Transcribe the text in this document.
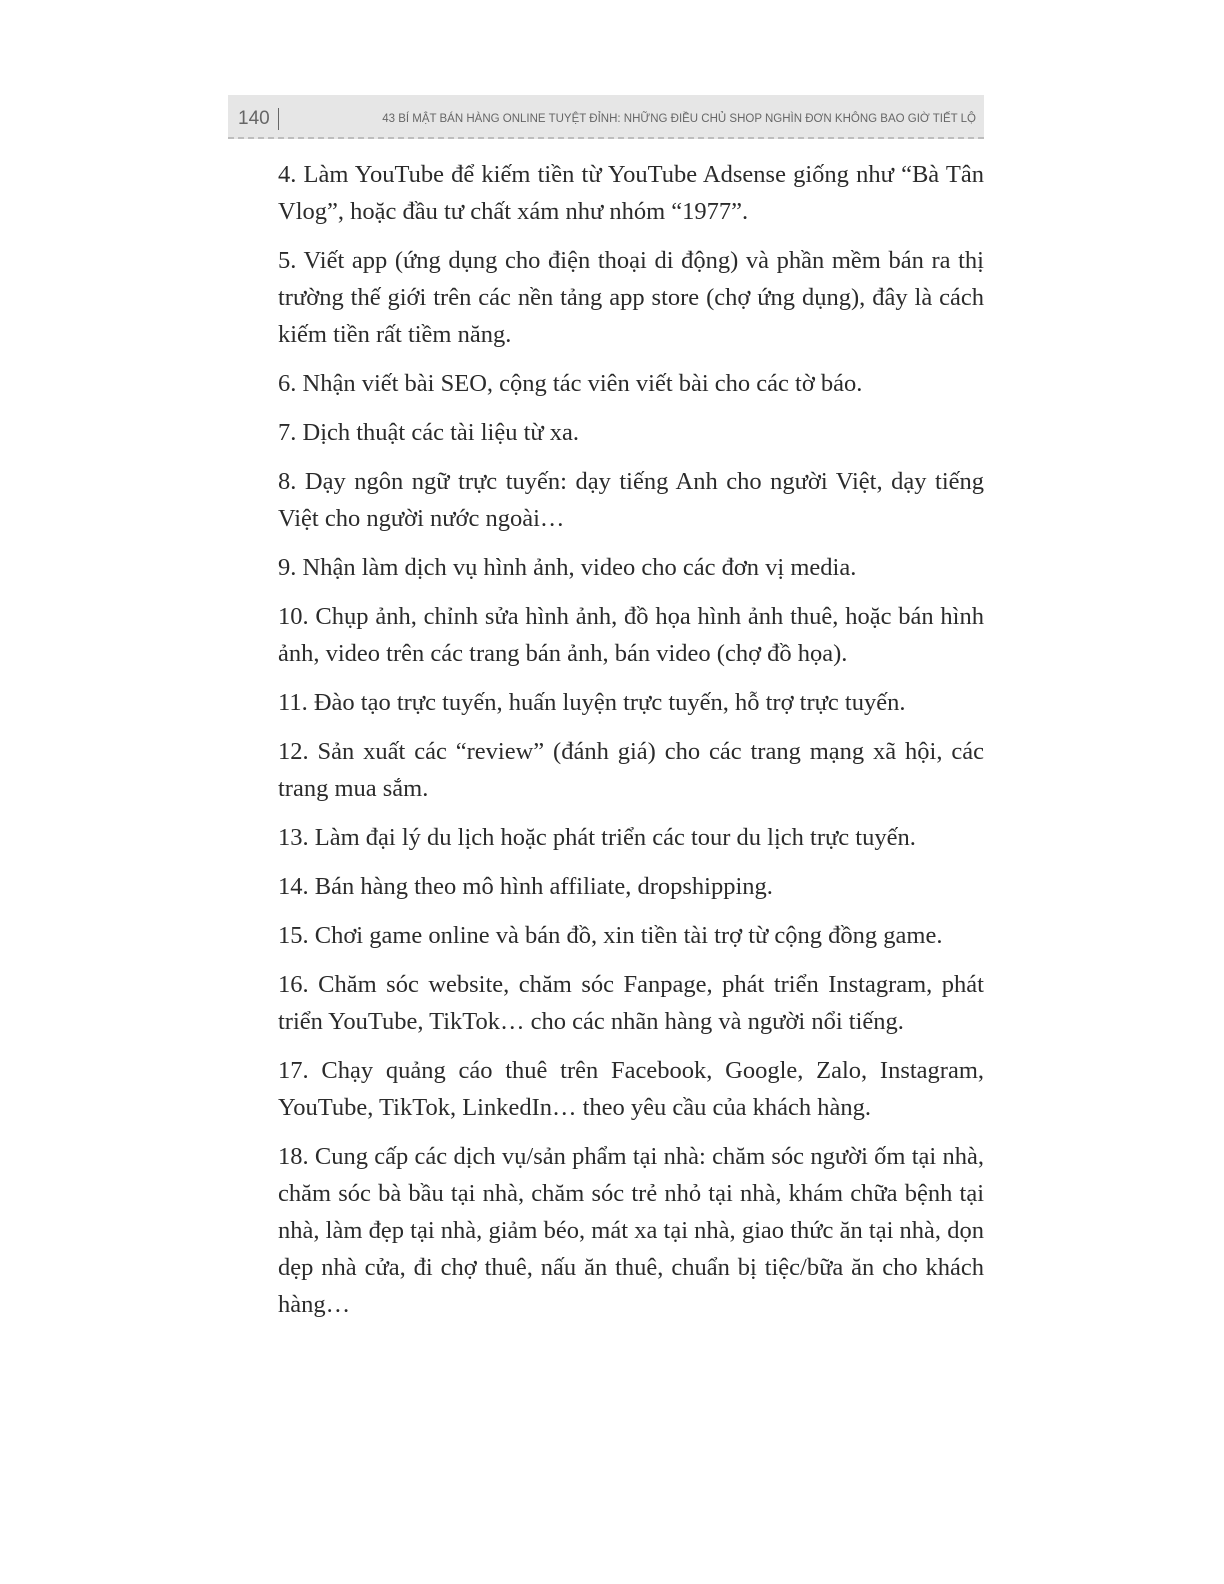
140	43 BÍ MẬT BÁN HÀNG ONLINE TUYỆT ĐỈNH: NHỮNG ĐIỀU CHỦ SHOP NGHÌN ĐƠN KHÔNG BAO GIỜ TIẾT LỘ

4. Làm YouTube để kiếm tiền từ YouTube Adsense giống như “Bà Tân Vlog”, hoặc đầu tư chất xám như nhóm “1977”.

5. Viết app (ứng dụng cho điện thoại di động) và phần mềm bán ra thị trường thế giới trên các nền tảng app store (chợ ứng dụng), đây là cách kiếm tiền rất tiềm năng.

6. Nhận viết bài SEO, cộng tác viên viết bài cho các tờ báo.

7. Dịch thuật các tài liệu từ xa.

8. Dạy ngôn ngữ trực tuyến: dạy tiếng Anh cho người Việt, dạy tiếng Việt cho người nước ngoài…

9. Nhận làm dịch vụ hình ảnh, video cho các đơn vị media.

10. Chụp ảnh, chỉnh sửa hình ảnh, đồ họa hình ảnh thuê, hoặc bán hình ảnh, video trên các trang bán ảnh, bán video (chợ đồ họa).

11. Đào tạo trực tuyến, huấn luyện trực tuyến, hỗ trợ trực tuyến.

12. Sản xuất các “review” (đánh giá) cho các trang mạng xã hội, các trang mua sắm.

13. Làm đại lý du lịch hoặc phát triển các tour du lịch trực tuyến.

14. Bán hàng theo mô hình affiliate, dropshipping.

15. Chơi game online và bán đồ, xin tiền tài trợ từ cộng đồng game.

16. Chăm sóc website, chăm sóc Fanpage, phát triển Instagram, phát triển YouTube, TikTok… cho các nhãn hàng và người nổi tiếng.

17. Chạy quảng cáo thuê trên Facebook, Google, Zalo, Instagram, YouTube, TikTok, LinkedIn… theo yêu cầu của khách hàng.

18. Cung cấp các dịch vụ/sản phẩm tại nhà: chăm sóc người ốm tại nhà, chăm sóc bà bầu tại nhà, chăm sóc trẻ nhỏ tại nhà, khám chữa bệnh tại nhà, làm đẹp tại nhà, giảm béo, mát xa tại nhà, giao thức ăn tại nhà, dọn dẹp nhà cửa, đi chợ thuê, nấu ăn thuê, chuẩn bị tiệc/bữa ăn cho khách hàng…
